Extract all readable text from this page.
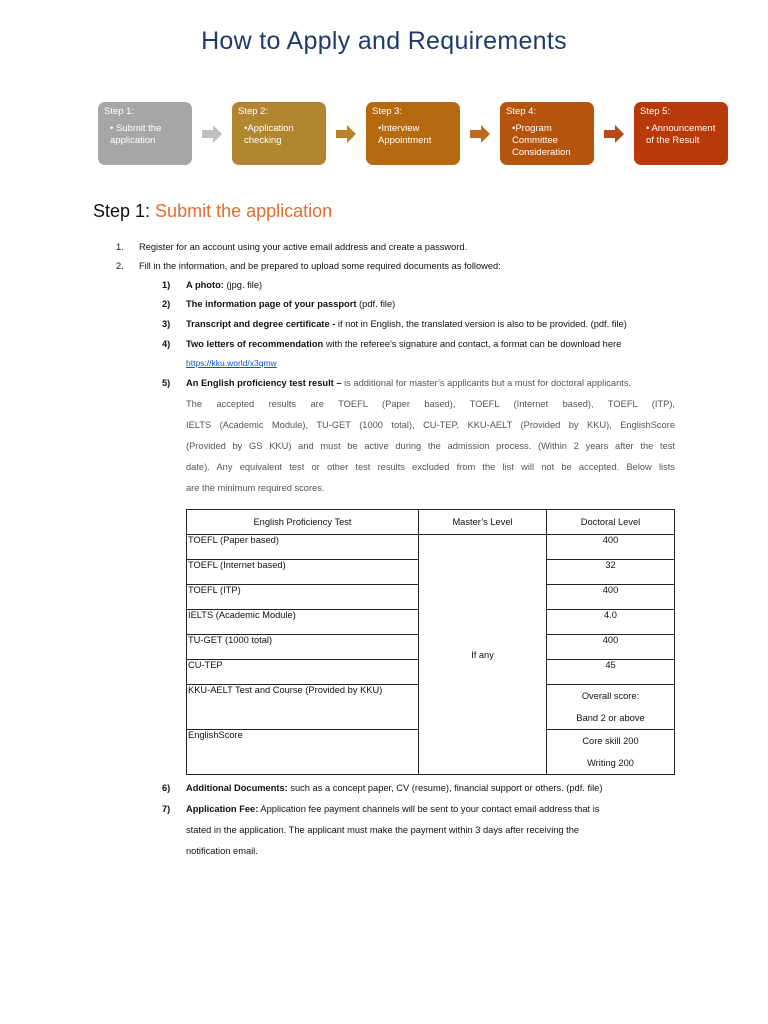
How to Apply and Requirements
Step 1:
• Submit the application
Step 2:
•Application checking
Step 3:
•Interview Appointment
Step 4:
•Program Committee Consideration
Step 5:
• Announcement of the Result
Step 1: Submit the application
1. Register for an account using your active email address and create a password.
2. Fill in the information, and be prepared to upload some required documents as followed:
1) A photo: (jpg. file)
2) The information page of your passport (pdf. file)
3) Transcript and degree certificate - if not in English, the translated version is also to be provided. (pdf. file)
4) Two letters of recommendation with the referee’s signature and contact, a format can be download here
https://kku.world/x3qmw
5) An English proficiency test result – is additional for master’s applicants but a must for doctoral applicants.
The accepted results are TOEFL (Paper based), TOEFL (Internet based), TOEFL (ITP),
IELTS (Academic Module), TU-GET (1000 total), CU-TEP, KKU-AELT (Provided by KKU), EnglishScore
(Provided by GS KKU) and must be active during the admission process. (Within 2 years after the test
date). Any equivalent test or other test results excluded from the list will not be accepted. Below lists
are the minimum required scores.
English Proficiency Test	Master’s Level	Doctoral Level
TOEFL (Paper based)	If any	400
TOEFL (Internet based)		32
TOEFL (ITP)		400
IELTS (Academic Module)		4.0
TU-GET (1000 total)		400
CU-TEP		45
KKU-AELT Test and Course (Provided by KKU)		Overall score:
Band 2 or above

EnglishScore		Core skill 200
Writing 200
6) Additional Documents: such as a concept paper, CV (resume), financial support or others. (pdf. file)
7) Application Fee: Application fee payment channels will be sent to your contact email address that is
stated in the application. The applicant must make the payment within 3 days after receiving the
notification email.
